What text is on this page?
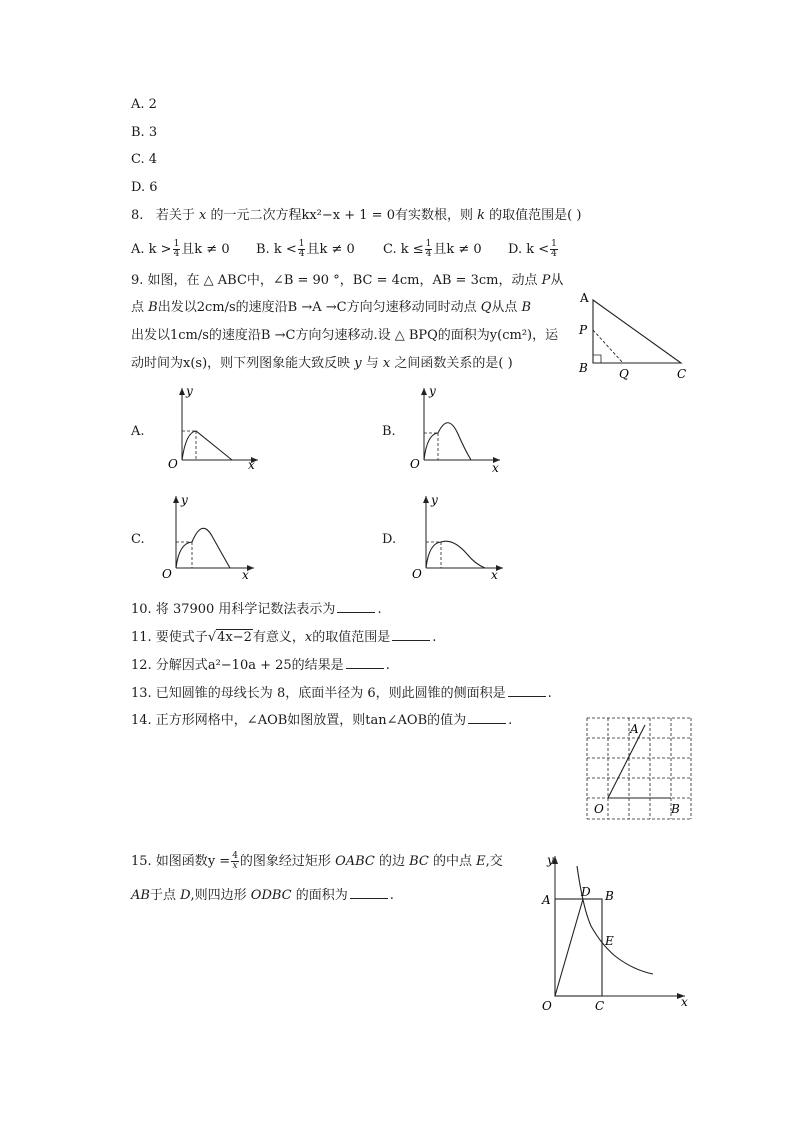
A. 2
B. 3
C. 4
D. 6
8. 若关于 x 的一元二次方程kx²−x + 1 = 0有实数根，则 k 的取值范围是( )
A. $k > \frac{1}{4}$ 且k ≠ 0 B. $k < \frac{1}{4}$ 且k ≠ 0 C. $k \le \frac{1}{4}$ 且k ≠ 0 D. $k < \frac{1}{4}$
9. 如图，在 △ ABC中，∠B = 90 °，BC = 4cm，AB = 3cm，动点 P从
点 B出发以2cm/s的速度沿B →A →C方向匀速移动同时动点 Q从点 B
出发以1cm/s的速度沿B →C方向匀速移动.设 △ BPQ的面积为y(cm²)，运
动时间为x(s)，则下列图象能大致反映 y 与 x 之间函数关系的是( )
A
P
B	Q	C
A.
y
O	x
B.
y
O	x
C.
y
O	x
D.
y
O	x
10. 将 37900 用科学记数法表示为	.
11. 要使式子√4x−2有意义，x的取值范围是	.
12. 分解因式a²−10a + 25的结果是	.
13. 已知圆锥的母线长为 8，底面半径为 6，则此圆锥的侧面积是	.
14. 正方形网格中，∠AOB如图放置，则tan∠AOB的值为	.
A
O	B
15. 如图函数$y = \frac{4}{x}$ 的图象经过矩形 OABC 的边 BC 的中点 E,交
AB于点 D,则四边形 ODBC 的面积为	.
y
A
D B
E
O	C	x
